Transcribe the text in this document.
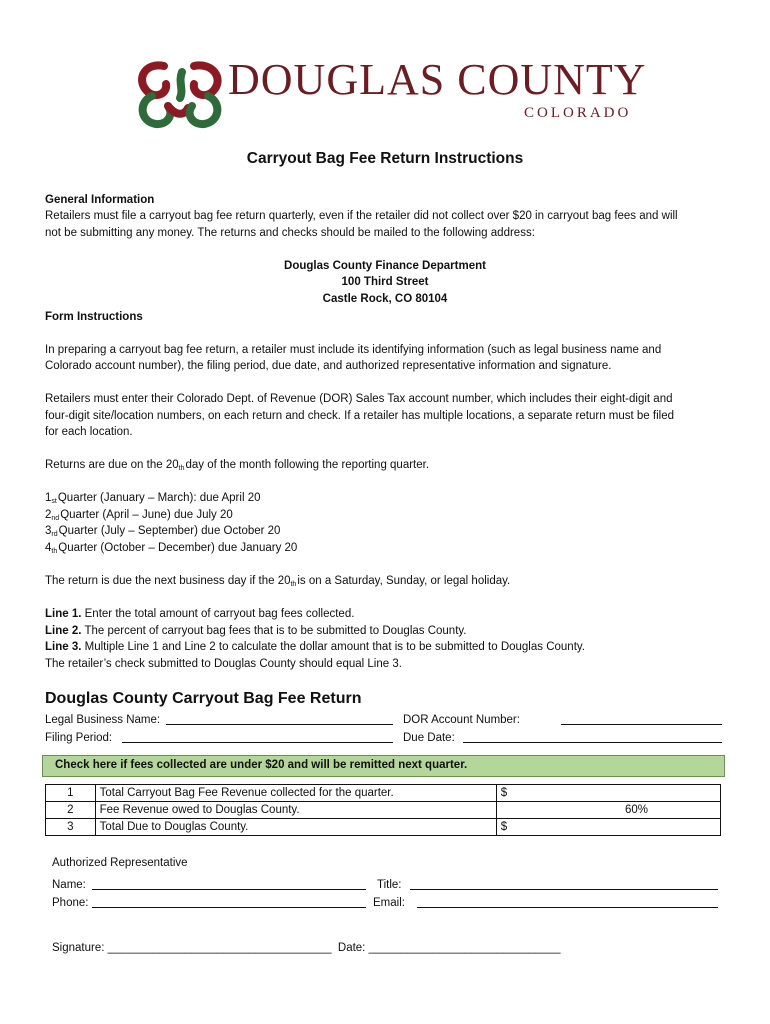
DOUGLAS COUNTY
COLORADO
Carryout Bag Fee Return Instructions
General Information
Retailers must file a carryout bag fee return quarterly, even if the retailer did not collect over $20 in carryout bag fees and will
not be submitting any money. The returns and checks should be mailed to the following address:
Douglas County Finance Department
100 Third Street
Castle Rock, CO 80104
Form Instructions
In preparing a carryout bag fee return, a retailer must include its identifying information (such as legal business name and
Colorado account number), the filing period, due date, and authorized representative information and signature.
Retailers must enter their Colorado Dept. of Revenue (DOR) Sales Tax account number, which includes their eight-digit and
four-digit site/location numbers, on each return and check. If a retailer has multiple locations, a separate return must be filed
for each location.
Returns are due on the 20thday of the month following the reporting quarter.
1stQuarter (January – March): due April 20
2ndQuarter (April – June) due July 20
3rdQuarter (July – September) due October 20
4thQuarter (October – December) due January 20
The return is due the next business day if the 20this on a Saturday, Sunday, or legal holiday.
Line 1. Enter the total amount of carryout bag fees collected.
Line 2. The percent of carryout bag fees that is to be submitted to Douglas County.
Line 3. Multiple Line 1 and Line 2 to calculate the dollar amount that is to be submitted to Douglas County.
The retailer’s check submitted to Douglas County should equal Line 3.
Douglas County Carryout Bag Fee Return
Legal Business Name:	DOR Account Number:
Filing Period:	Due Date:
Check here if fees collected are under $20 and will be remitted next quarter.
1	Total Carryout Bag Fee Revenue collected for the quarter.	$
2	Fee Revenue owed to Douglas County.	60%
3	Total Due to Douglas County.	$
Authorized Representative
Name:	Title:
Phone:	Email:
Signature: ___________________________________ Date: ______________________________
